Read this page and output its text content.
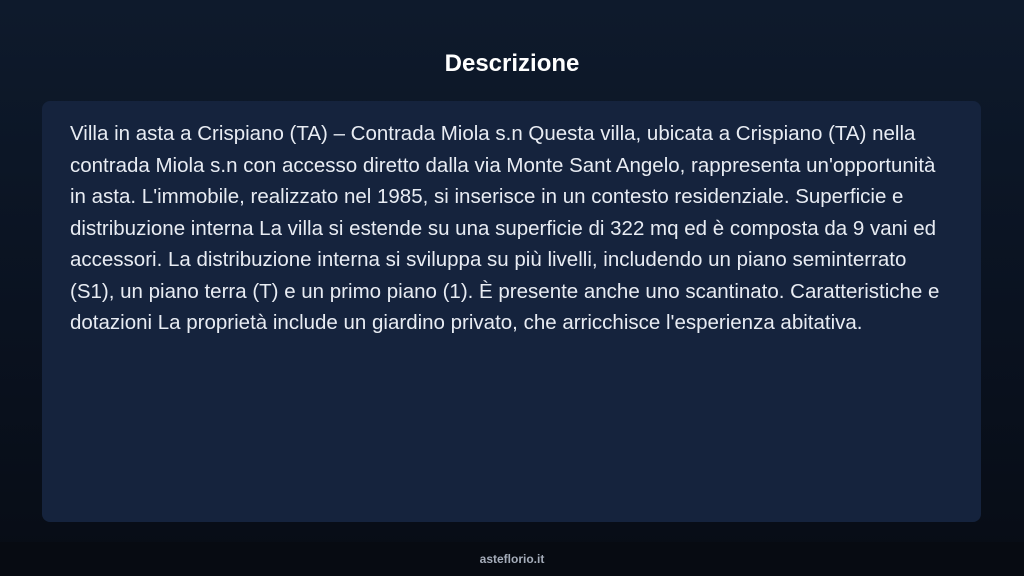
Descrizione

Villa in asta a Crispiano (TA) – Contrada Miola s.n Questa villa, ubicata a Crispiano (TA) nella contrada Miola s.n con accesso diretto dalla via Monte Sant Angelo, rappresenta un'opportunità in asta. L'immobile, realizzato nel 1985, si inserisce in un contesto residenziale. Superficie e distribuzione interna La villa si estende su una superficie di 322 mq ed è composta da 9 vani ed accessori. La distribuzione interna si sviluppa su più livelli, includendo un piano seminterrato (S1), un piano terra (T) e un primo piano (1). È presente anche uno scantinato. Caratteristiche e dotazioni La proprietà include un giardino privato, che arricchisce l'esperienza abitativa.

asteflorio.it
